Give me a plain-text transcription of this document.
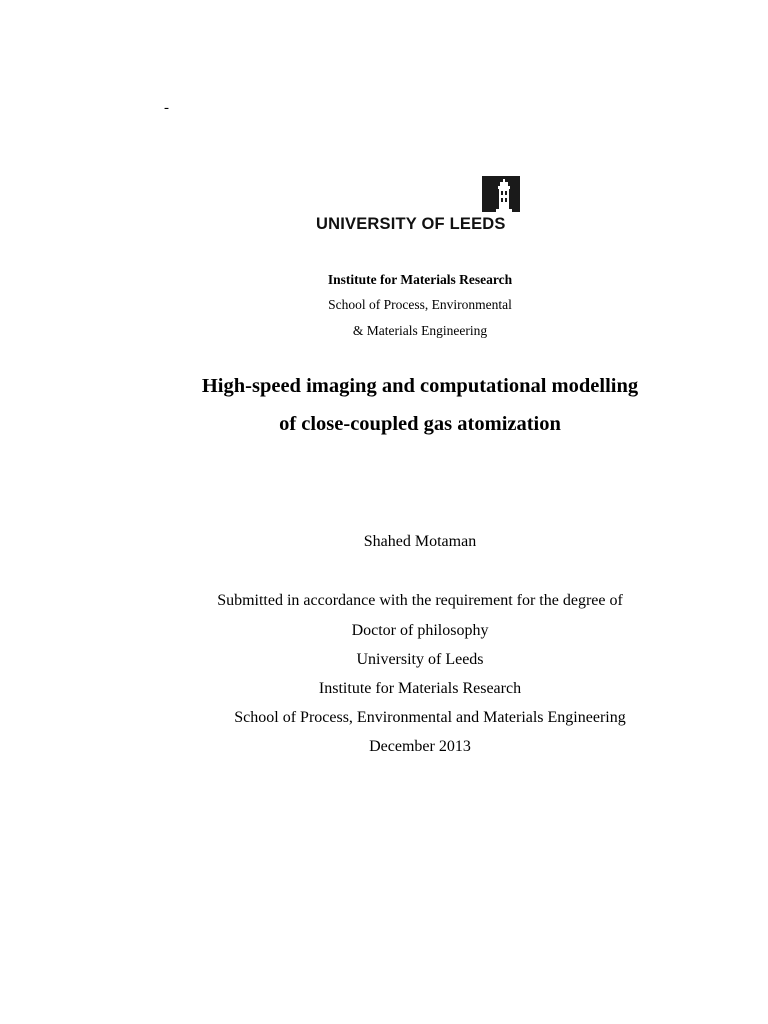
-
UNIVERSITY OF LEEDS
Institute for Materials Research
School of Process, Environmental
& Materials Engineering
High-speed imaging and computational modelling
of close-coupled gas atomization
Shahed Motaman
Submitted in accordance with the requirement for the degree of
Doctor of philosophy
University of Leeds
Institute for Materials Research
School of Process, Environmental and Materials Engineering
December 2013
